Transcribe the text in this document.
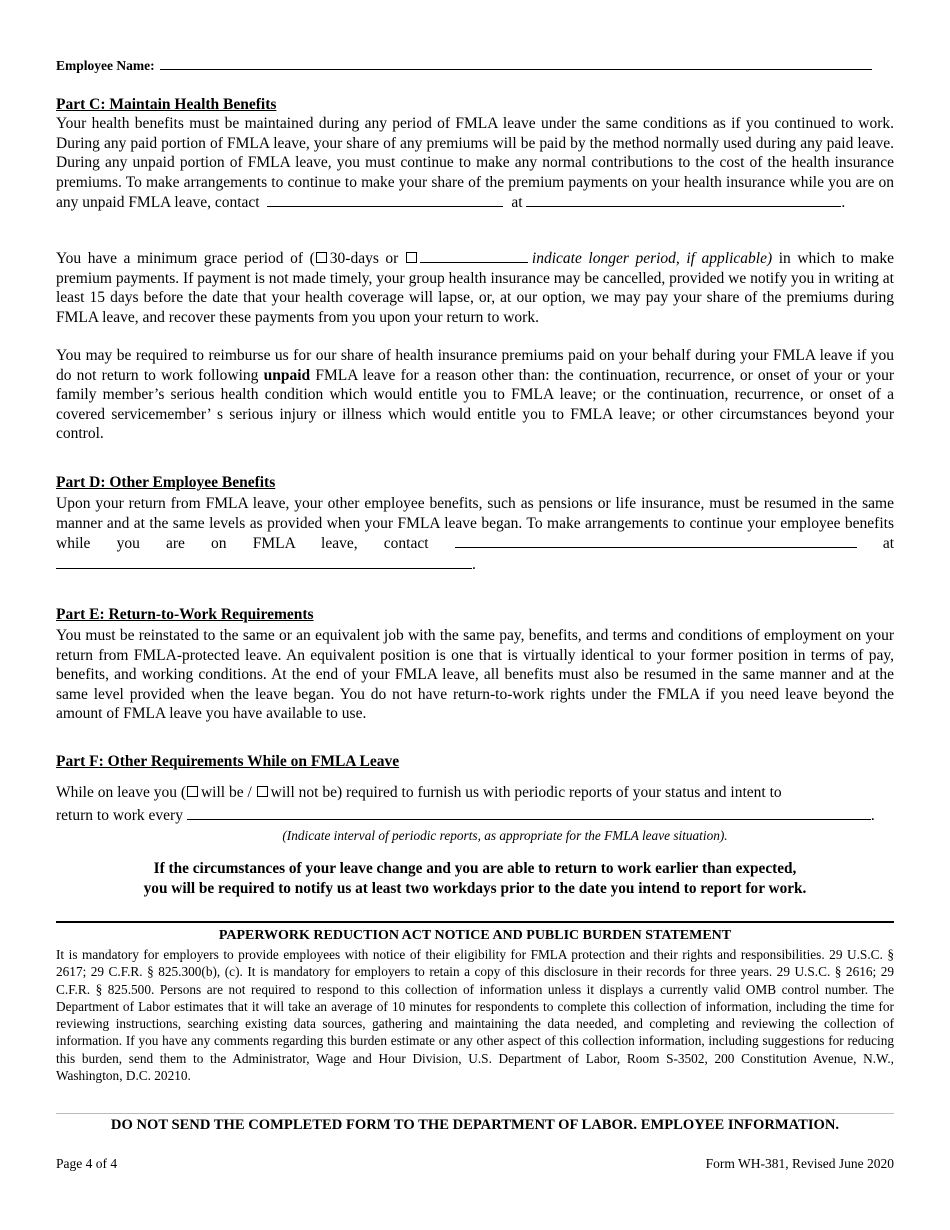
Employee Name:
Part C: Maintain Health Benefits
Your health benefits must be maintained during any period of FMLA leave under the same conditions as if you continued to work. During any paid portion of FMLA leave, your share of any premiums will be paid by the method normally used during any paid leave. During any unpaid portion of FMLA leave, you must continue to make any normal contributions to the cost of the health insurance premiums. To make arrangements to continue to make your share of the premium payments on your health insurance while you are on any unpaid FMLA leave, contact	at	.
You have a minimum grace period of ( 30-days or	indicate longer period, if applicable) in which to make premium payments. If payment is not made timely, your group health insurance may be cancelled, provided we notify you in writing at least 15 days before the date that your health coverage will lapse, or, at our option, we may pay your share of the premiums during FMLA leave, and recover these payments from you upon your return to work.
You may be required to reimburse us for our share of health insurance premiums paid on your behalf during your FMLA leave if you do not return to work following unpaid FMLA leave for a reason other than: the continuation, recurrence, or onset of your or your family member’s serious health condition which would entitle you to FMLA leave; or the continuation, recurrence, or onset of a covered servicemember’ s serious injury or illness which would entitle you to FMLA leave; or other circumstances beyond your control.
Part D: Other Employee Benefits
Upon your return from FMLA leave, your other employee benefits, such as pensions or life insurance, must be resumed in the same manner and at the same levels as provided when your FMLA leave began. To make arrangements to continue your employee benefits while you are on FMLA leave, contact	at .
Part E: Return-to-Work Requirements
You must be reinstated to the same or an equivalent job with the same pay, benefits, and terms and conditions of employment on your return from FMLA-protected leave. An equivalent position is one that is virtually identical to your former position in terms of pay, benefits, and working conditions. At the end of your FMLA leave, all benefits must also be resumed in the same manner and at the same level provided when the leave began. You do not have return-to-work rights under the FMLA if you need leave beyond the amount of FMLA leave you have available to use.
Part F: Other Requirements While on FMLA Leave
While on leave you ( will be / will not be) required to furnish us with periodic reports of your status and intent to
return to work every	.
(Indicate interval of periodic reports, as appropriate for the FMLA leave situation).
If the circumstances of your leave change and you are able to return to work earlier than expected,
you will be required to notify us at least two workdays prior to the date you intend to report for work.
PAPERWORK REDUCTION ACT NOTICE AND PUBLIC BURDEN STATEMENT
It is mandatory for employers to provide employees with notice of their eligibility for FMLA protection and their rights and responsibilities. 29 U.S.C. § 2617; 29 C.F.R. § 825.300(b), (c). It is mandatory for employers to retain a copy of this disclosure in their records for three years. 29 U.S.C. § 2616; 29 C.F.R. § 825.500. Persons are not required to respond to this collection of information unless it displays a currently valid OMB control number. The Department of Labor estimates that it will take an average of 10 minutes for respondents to complete this collection of information, including the time for reviewing instructions, searching existing data sources, gathering and maintaining the data needed, and completing and reviewing the collection of information. If you have any comments regarding this burden estimate or any other aspect of this collection information, including suggestions for reducing this burden, send them to the Administrator, Wage and Hour Division, U.S. Department of Labor, Room S-3502, 200 Constitution Avenue, N.W., Washington, D.C. 20210.
DO NOT SEND THE COMPLETED FORM TO THE DEPARTMENT OF LABOR. EMPLOYEE INFORMATION.
Page 4 of 4	Form WH-381, Revised June 2020
